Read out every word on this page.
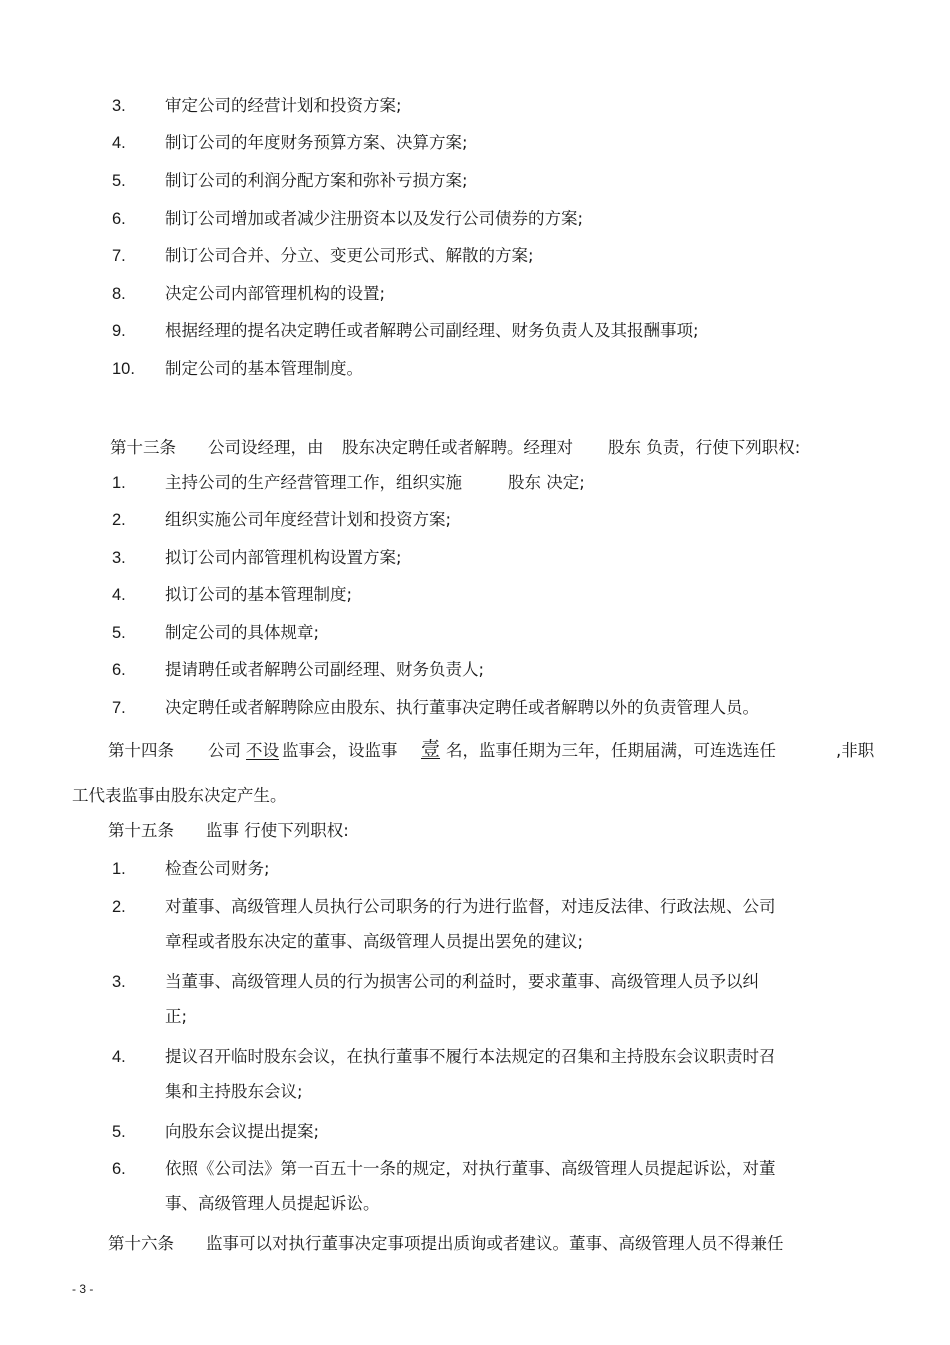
3. 审定公司的经营计划和投资方案;
4. 制订公司的年度财务预算方案、决算方案;
5. 制订公司的利润分配方案和弥补亏损方案;
6. 制订公司增加或者减少注册资本以及发行公司债券的方案;
7. 制订公司合并、分立、变更公司形式、解散的方案;
8. 决定公司内部管理机构的设置;
9. 根据经理的提名决定聘任或者解聘公司副经理、财务负责人及其报酬事项;
10. 制定公司的基本管理制度。
第十三条 公司设经理，由 股东决定聘任或者解聘。经理对 股东 负责，行使下列职权:
1. 主持公司的生产经营管理工作，组织实施	股东 决定;
2. 组织实施公司年度经营计划和投资方案;
3. 拟订公司内部管理机构设置方案;
4. 拟订公司的基本管理制度;
5. 制定公司的具体规章;
6. 提请聘任或者解聘公司副经理、财务负责人;
7. 决定聘任或者解聘除应由股东、执行董事决定聘任或者解聘以外的负责管理人员。
第十四条 公司 不设 监事会，设监事 壹 名，监事任期为三年，任期届满，可连选连任	,非职
工代表监事由股东决定产生。
第十五条 监事 行使下列职权:
1. 检查公司财务;
2. 对董事、高级管理人员执行公司职务的行为进行监督，对违反法律、行政法规、公司
章程或者股东决定的董事、高级管理人员提出罢免的建议;
3. 当董事、高级管理人员的行为损害公司的利益时，要求董事、高级管理人员予以纠
正;
4. 提议召开临时股东会议，在执行董事不履行本法规定的召集和主持股东会议职责时召
集和主持股东会议;
5. 向股东会议提出提案;
6. 依照《公司法》第一百五十一条的规定，对执行董事、高级管理人员提起诉讼，对董
事、高级管理人员提起诉讼。
第十六条 监事可以对执行董事决定事项提出质询或者建议。董事、高级管理人员不得兼任
- 3 -
